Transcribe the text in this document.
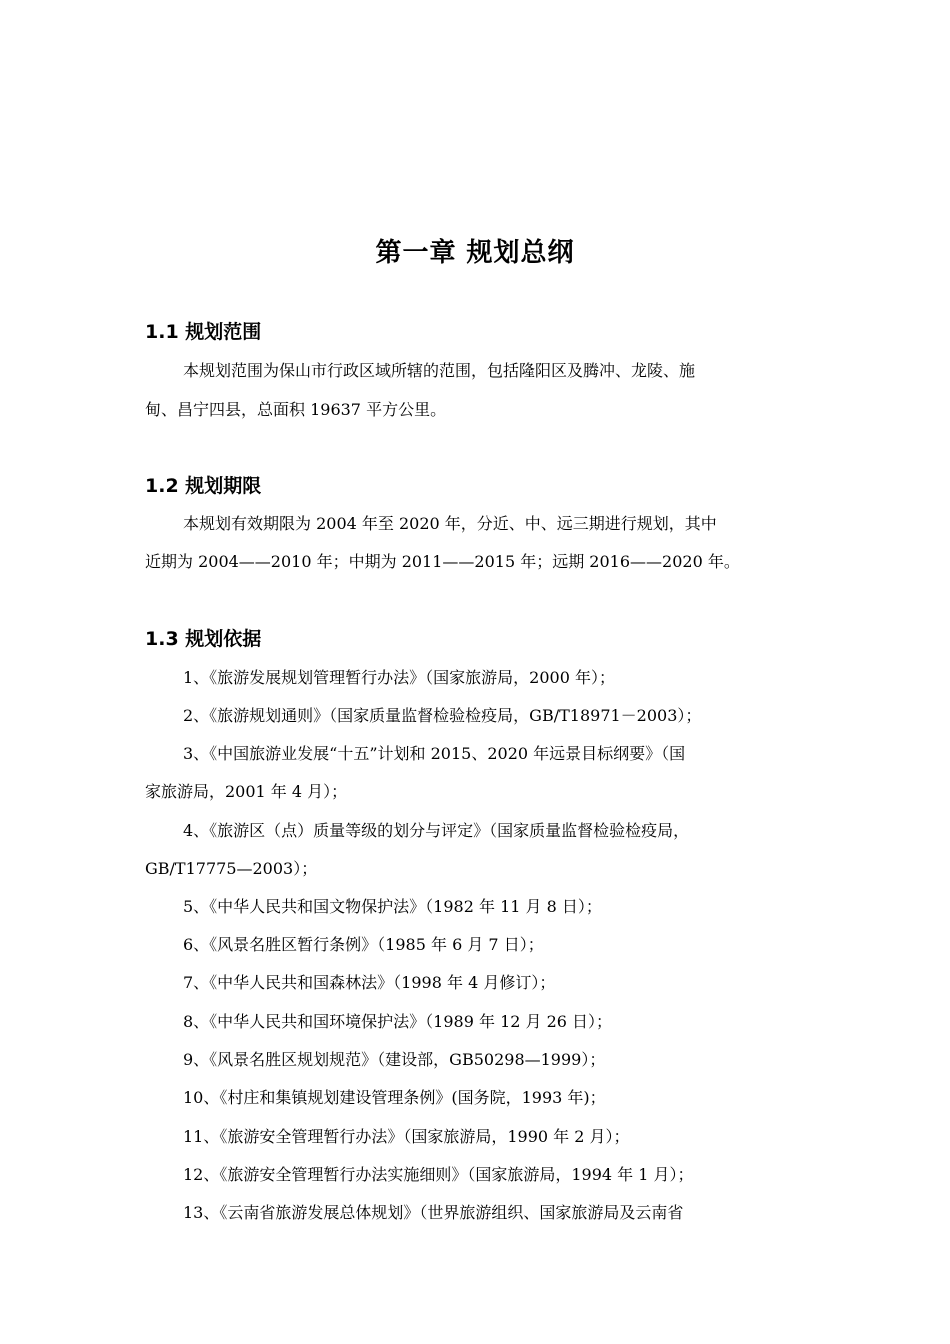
第一章 规划总纲
1.1 规划范围
本规划范围为保山市行政区域所辖的范围，包括隆阳区及腾冲、龙陵、施
甸、昌宁四县，总面积 19637 平方公里。
1.2 规划期限
本规划有效期限为 2004 年至 2020 年，分近、中、远三期进行规划，其中
近期为 2004——2010 年；中期为 2011——2015 年；远期 2016——2020 年。
1.3 规划依据
1、《旅游发展规划管理暂行办法》（国家旅游局，2000 年）；
2、《旅游规划通则》（国家质量监督检验检疫局，GB/T18971－2003）；
3、《中国旅游业发展“十五”计划和 2015、2020 年远景目标纲要》（国
家旅游局，2001 年 4 月）；
4、《旅游区（点）质量等级的划分与评定》（国家质量监督检验检疫局，
GB/T17775—2003）；
5、《中华人民共和国文物保护法》（1982 年 11 月 8 日）；
6、《风景名胜区暂行条例》（1985 年 6 月 7 日）；
7、《中华人民共和国森林法》（1998 年 4 月修订）；
8、《中华人民共和国环境保护法》（1989 年 12 月 26 日）；
9、《风景名胜区规划规范》（建设部，GB50298—1999）；
10、《村庄和集镇规划建设管理条例》(国务院，1993 年)；
11、《旅游安全管理暂行办法》（国家旅游局，1990 年 2 月）；
12、《旅游安全管理暂行办法实施细则》（国家旅游局，1994 年 1 月）；
13、《云南省旅游发展总体规划》（世界旅游组织、国家旅游局及云南省
